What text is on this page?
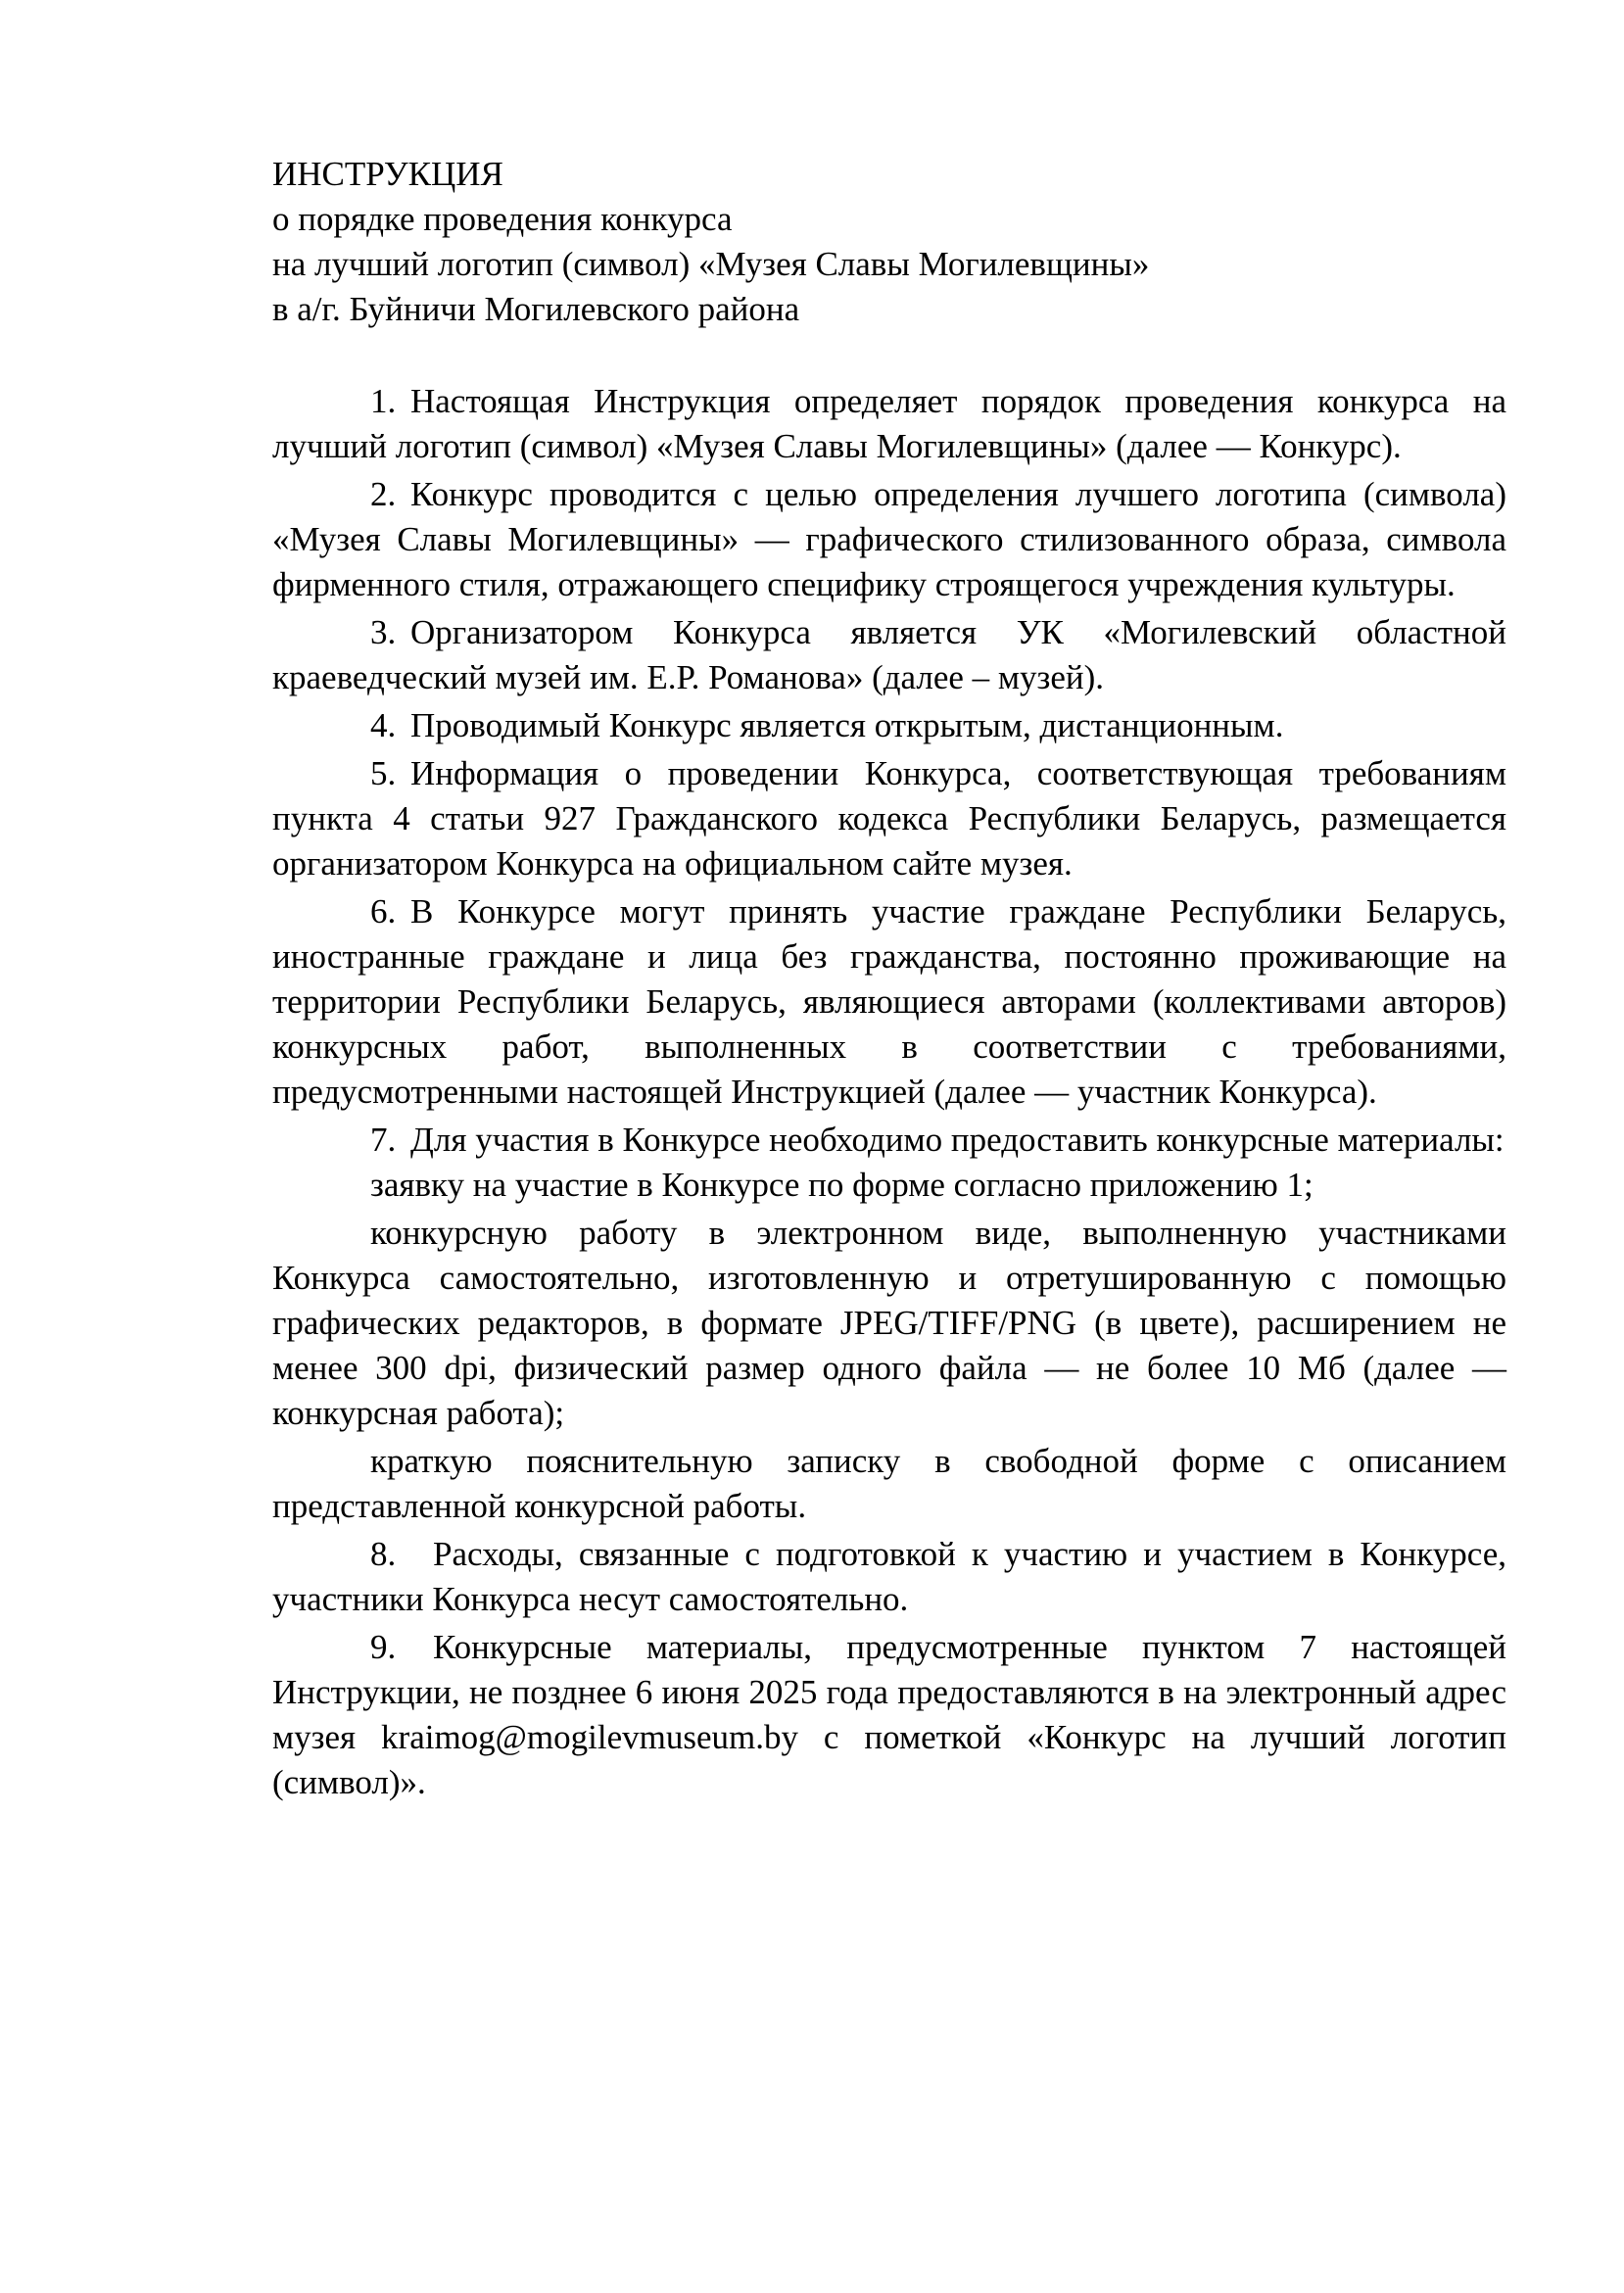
ИНСТРУКЦИЯ
о порядке проведения конкурса
на лучший логотип (символ) «Музея Славы Могилевщины»
в а/г. Буйничи Могилевского района

1. Настоящая Инструкция определяет порядок проведения конкурса на лучший логотип (символ) «Музея Славы Могилевщины» (далее — Конкурс).

2. Конкурс проводится с целью определения лучшего логотипа (символа) «Музея Славы Могилевщины» — графического стилизованного образа, символа фирменного стиля, отражающего специфику строящегося учреждения культуры.

3. Организатором Конкурса является УК «Могилевский областной краеведческий музей им. Е.Р. Романова» (далее – музей).

4. Проводимый Конкурс является открытым, дистанционным.

5. Информация о проведении Конкурса, соответствующая требованиям пункта 4 статьи 927 Гражданского кодекса Республики Беларусь, размещается организатором Конкурса на официальном сайте музея.

6. В Конкурсе могут принять участие граждане Республики Беларусь, иностранные граждане и лица без гражданства, постоянно проживающие на территории Республики Беларусь, являющиеся авторами (коллективами авторов) конкурсных работ, выполненных в соответствии с требованиями, предусмотренными настоящей Инструкцией (далее — участник Конкурса).

7. Для участия в Конкурсе необходимо предоставить конкурсные материалы:

заявку на участие в Конкурсе по форме согласно приложению 1;

конкурсную работу в электронном виде, выполненную участниками Конкурса самостоятельно, изготовленную и отретушированную с помощью графических редакторов, в формате JPEG/TIFF/PNG (в цвете), расширением не менее 300 dpi, физический размер одного файла — не более 10 Мб (далее — конкурсная работа);

краткую пояснительную записку в свободной форме с описанием представленной конкурсной работы.

8. Расходы, связанные с подготовкой к участию и участием в Конкурсе, участники Конкурса несут самостоятельно.

9. Конкурсные материалы, предусмотренные пунктом 7 настоящей Инструкции, не позднее 6 июня 2025 года предоставляются в на электронный адрес музея kraimog@mogilevmuseum.by с пометкой «Конкурс на лучший логотип (символ)».
